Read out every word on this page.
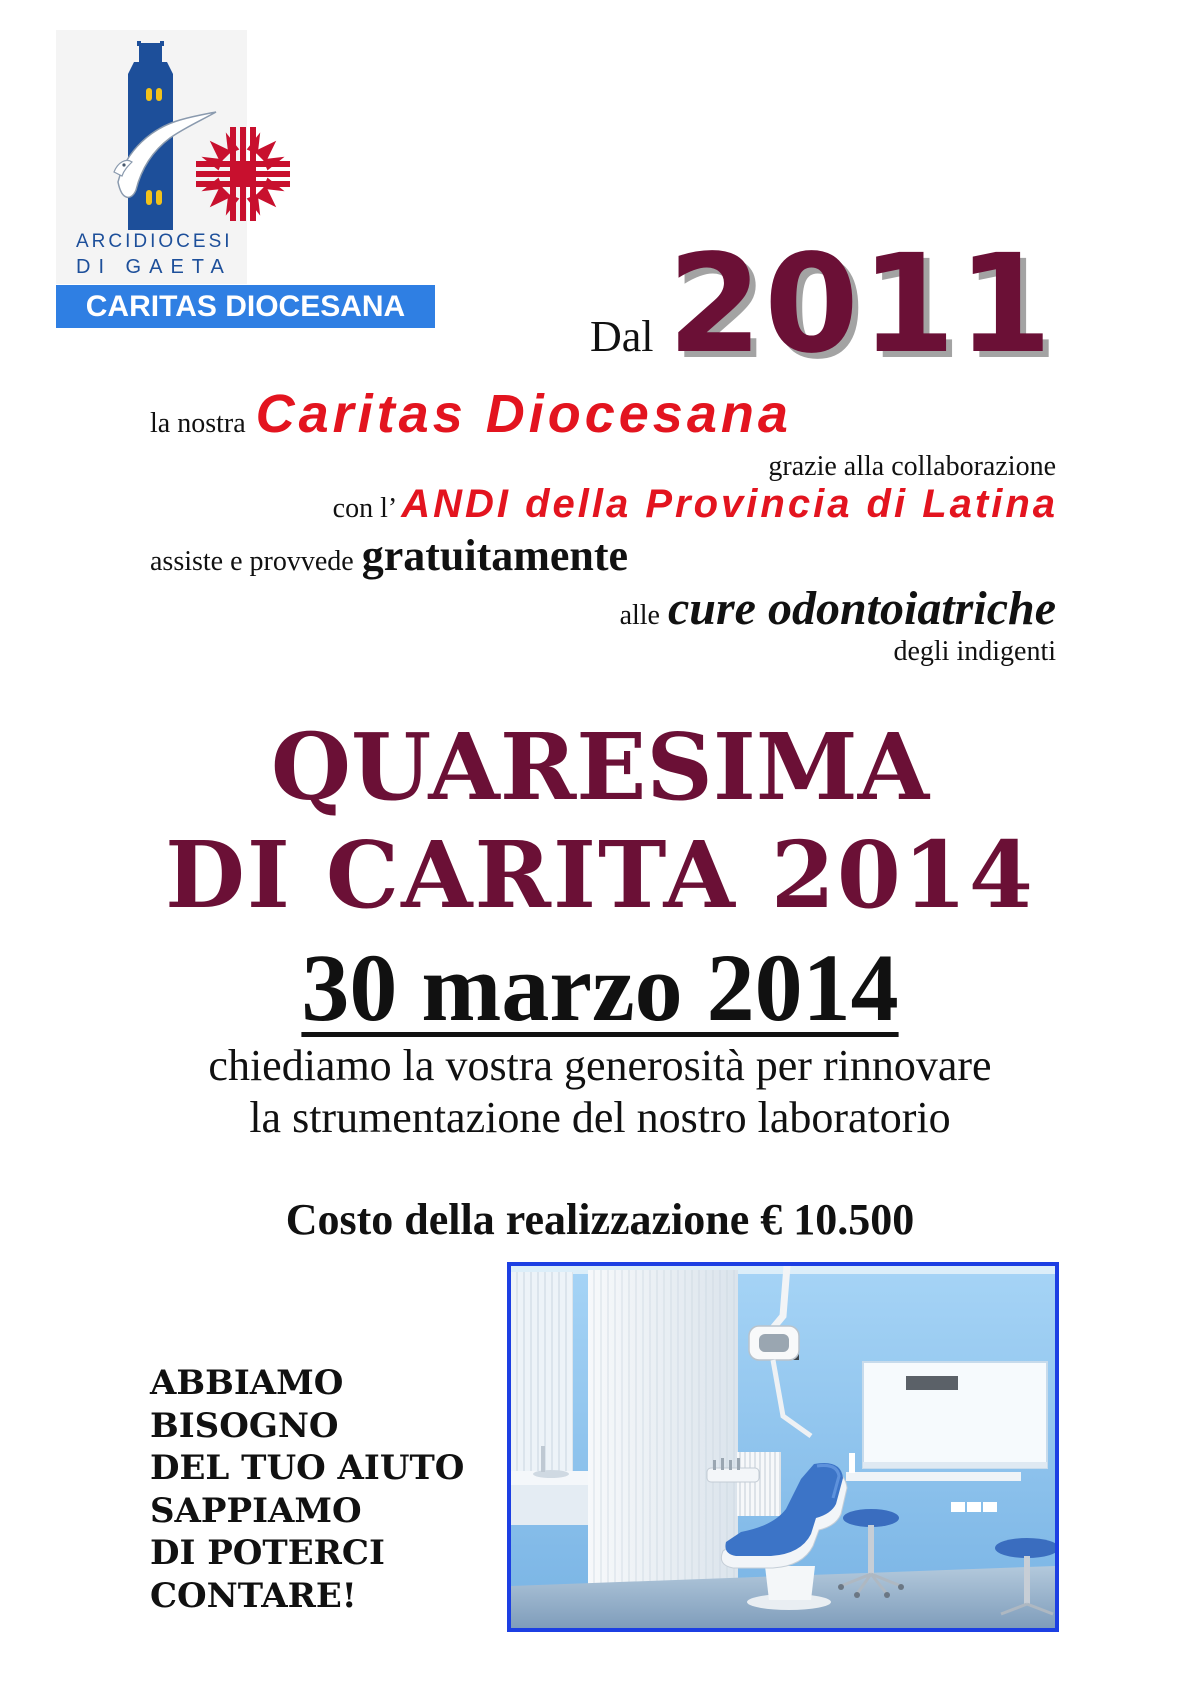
ARCIDIOCESI
DI GAETA
CARITAS DIOCESANA
Dal 2011
la nostra Caritas Diocesana
grazie alla collaborazione
con l’ ANDI della Provincia di Latina
assiste e provvede gratuitamente
alle cure odontoiatriche
degli indigenti
QUARESIMA
DI CARITA 2014
30 marzo 2014
chiediamo la vostra generosità per rinnovare
la strumentazione del nostro laboratorio
Costo della realizzazione € 10.500
ABBIAMO
BISOGNO
DEL TUO AIUTO
SAPPIAMO
DI POTERCI
CONTARE!
